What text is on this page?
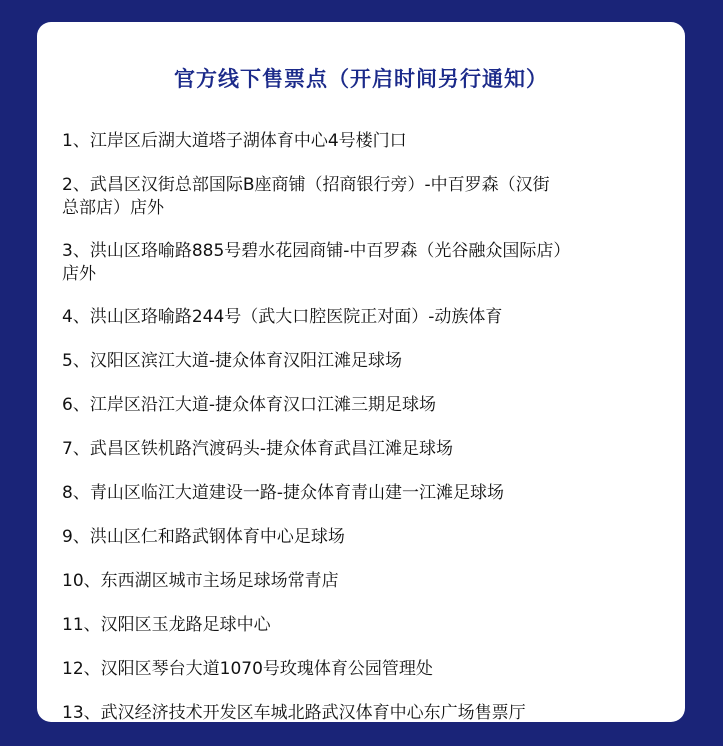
官方线下售票点（开启时间另行通知）
1、江岸区后湖大道塔子湖体育中心4号楼门口
2、武昌区汉街总部国际B座商铺（招商银行旁）-中百罗森（汉街
总部店）店外
3、洪山区珞喻路885号碧水花园商铺-中百罗森（光谷融众国际店）
店外
4、洪山区珞喻路244号（武大口腔医院正对面）-动族体育
5、汉阳区滨江大道-捷众体育汉阳江滩足球场
6、江岸区沿江大道-捷众体育汉口江滩三期足球场
7、武昌区铁机路汽渡码头-捷众体育武昌江滩足球场
8、青山区临江大道建设一路-捷众体育青山建一江滩足球场
9、洪山区仁和路武钢体育中心足球场
10、东西湖区城市主场足球场常青店
11、汉阳区玉龙路足球中心
12、汉阳区琴台大道1070号玫瑰体育公园管理处
13、武汉经济技术开发区车城北路武汉体育中心东广场售票厅
